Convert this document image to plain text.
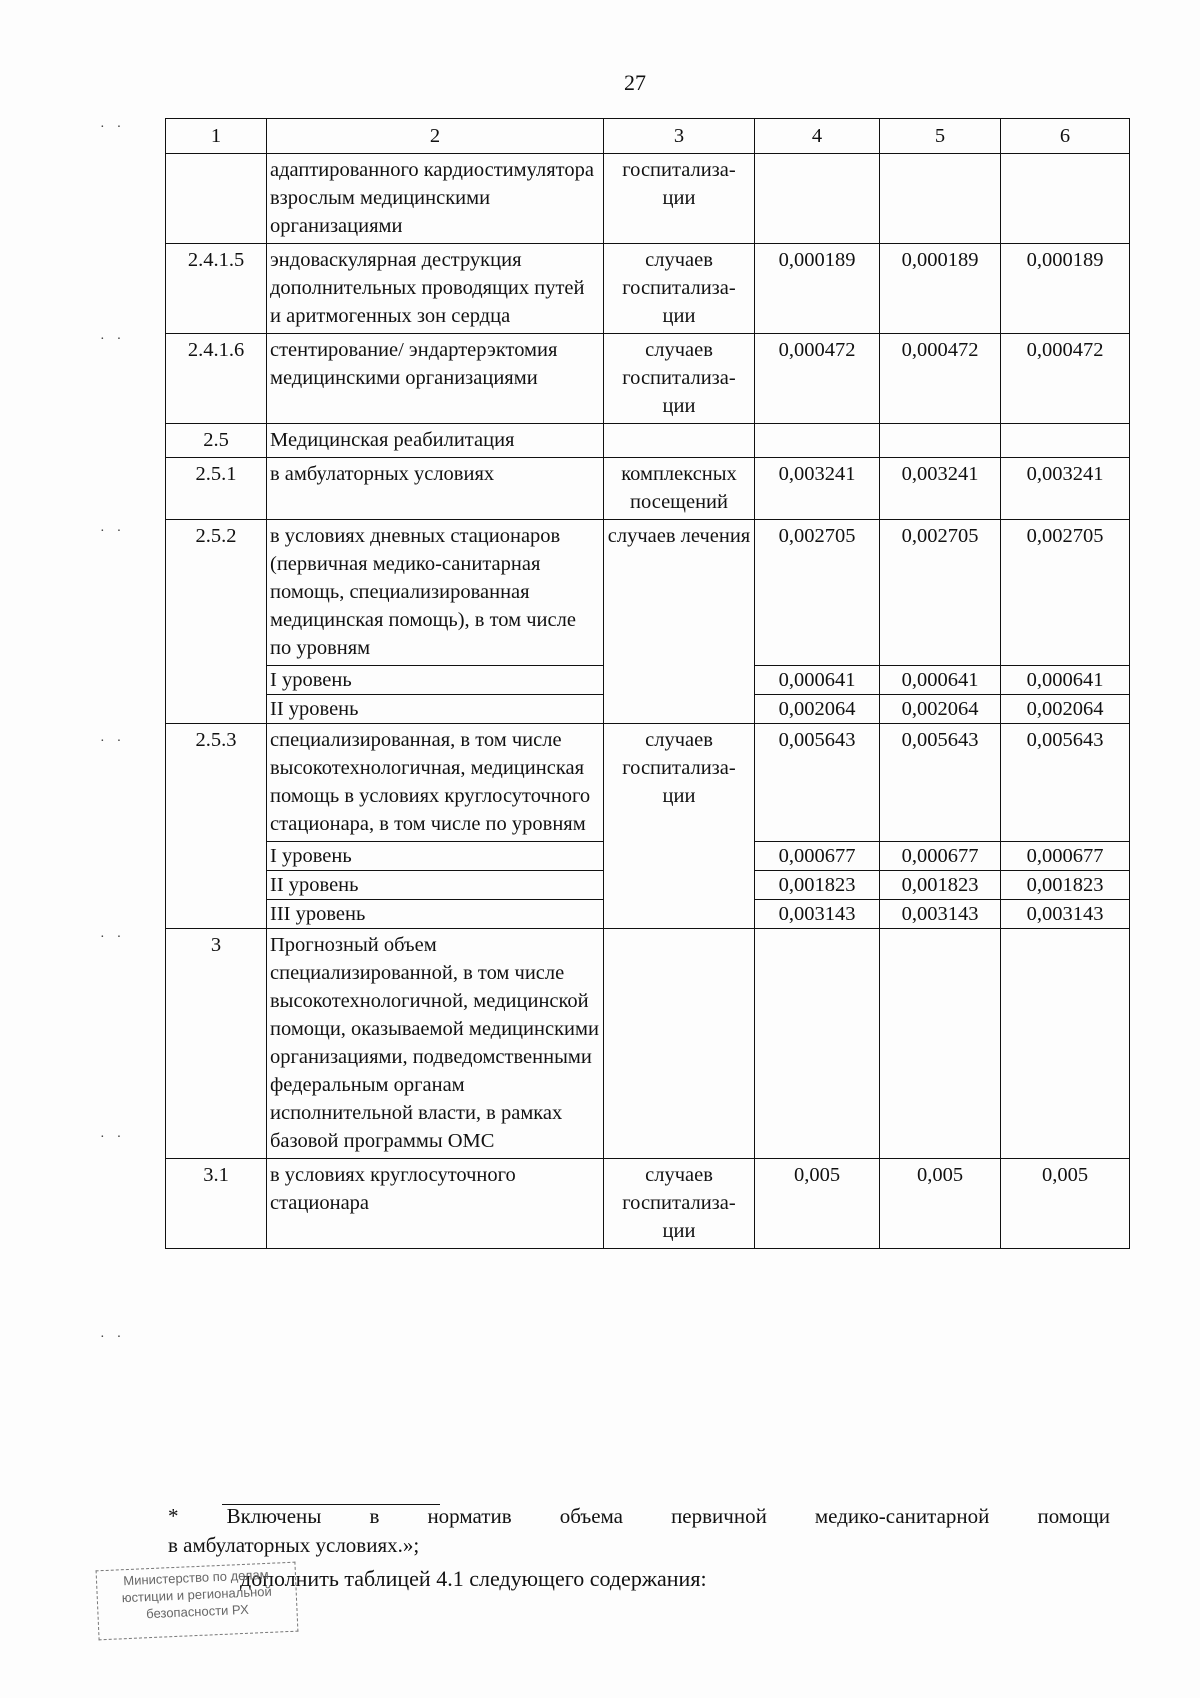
27
··
··
··
··
··
··
··
1	2	3	4	5	6
	адаптированного кардиостимулятора взрослым медицинскими организациями	госпитализа-ции			
2.4.1.5	эндоваскулярная деструкция дополнительных проводящих путей и аритмогенных зон сердца	случаев госпитализа-ции	0,000189	0,000189	0,000189
2.4.1.6	стентирование/ эндартерэктомия медицинскими организациями	случаев госпитализа-ции	0,000472	0,000472	0,000472
2.5	Медицинская реабилитация				
2.5.1	в амбулаторных условиях	комплексных посещений	0,003241	0,003241	0,003241
2.5.2	в условиях дневных стационаров (первичная медико-санитарная помощь, специализированная медицинская помощь), в том числе по уровням	случаев лечения	0,002705	0,002705	0,002705
	I уровень		0,000641	0,000641	0,000641
	II уровень		0,002064	0,002064	0,002064
2.5.3	специализированная, в том числе высокотехнологичная, медицинская помощь в условиях круглосуточного стационара, в том числе по уровням	случаев госпитализа-ции	0,005643	0,005643	0,005643
	I уровень		0,000677	0,000677	0,000677
	II уровень		0,001823	0,001823	0,001823
	III уровень		0,003143	0,003143	0,003143
3	Прогнозный объем специализированной, в том числе высокотехнологичной, медицинской помощи, оказываемой медицинскими организациями, подведомственными федеральным органам исполнительной власти, в рамках базовой программы ОМС				
3.1	в условиях круглосуточного стационара	случаев госпитализа-ции	0,005	0,005	0,005
* Включены в норматив объема первичной медико-санитарной помощи
в амбулаторных условиях.»;
дополнить таблицей 4.1 следующего содержания:
Министерство по делам
юстиции и региональной
безопасности РХ
